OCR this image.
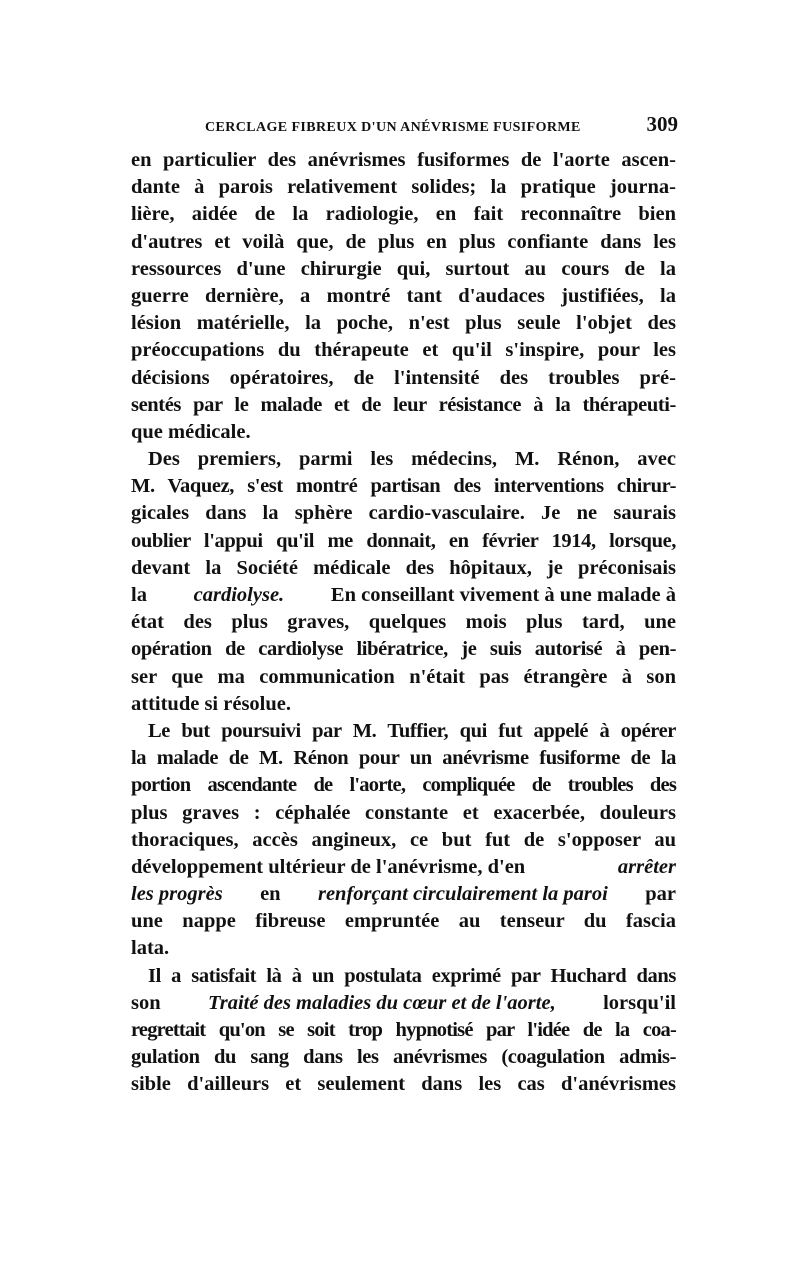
CERCLAGE FIBREUX D'UN ANÉVRISME FUSIFORME	309
en particulier des anévrismes fusiformes de l'aorte ascen-
dante à parois relativement solides; la pratique journa-
lière, aidée de la radiologie, en fait reconnaître bien
d'autres et voilà que, de plus en plus confiante dans les
ressources d'une chirurgie qui, surtout au cours de la
guerre dernière, a montré tant d'audaces justifiées, la
lésion matérielle, la poche, n'est plus seule l'objet des
préoccupations du thérapeute et qu'il s'inspire, pour les
décisions opératoires, de l'intensité des troubles pré-
sentés par le malade et de leur résistance à la thérapeuti-
que médicale.
Des premiers, parmi les médecins, M. Rénon, avec
M. Vaquez, s'est montré partisan des interventions chirur-
gicales dans la sphère cardio-vasculaire. Je ne saurais
oublier l'appui qu'il me donnait, en février 1914, lorsque,
devant la Société médicale des hôpitaux, je préconisais
la cardiolyse. En conseillant vivement à une malade à
état des plus graves, quelques mois plus tard, une
opération de cardiolyse libératrice, je suis autorisé à pen-
ser que ma communication n'était pas étrangère à son
attitude si résolue.
Le but poursuivi par M. Tuffier, qui fut appelé à opérer
la malade de M. Rénon pour un anévrisme fusiforme de la
portion ascendante de l'aorte, compliquée de troubles des
plus graves : céphalée constante et exacerbée, douleurs
thoraciques, accès angineux, ce but fut de s'opposer au
développement ultérieur de l'anévrisme, d'en	arrêter
les progrès en renforçant circulairement la paroi par
une nappe fibreuse empruntée au tenseur du fascia
lata.
Il a satisfait là à un postulata exprimé par Huchard dans
son Traité des maladies du cœur et de l'aorte, lorsqu'il
regrettait qu'on se soit trop hypnotisé par l'idée de la coa-
gulation du sang dans les anévrismes (coagulation admis-
sible d'ailleurs et seulement dans les cas d'anévrismes
